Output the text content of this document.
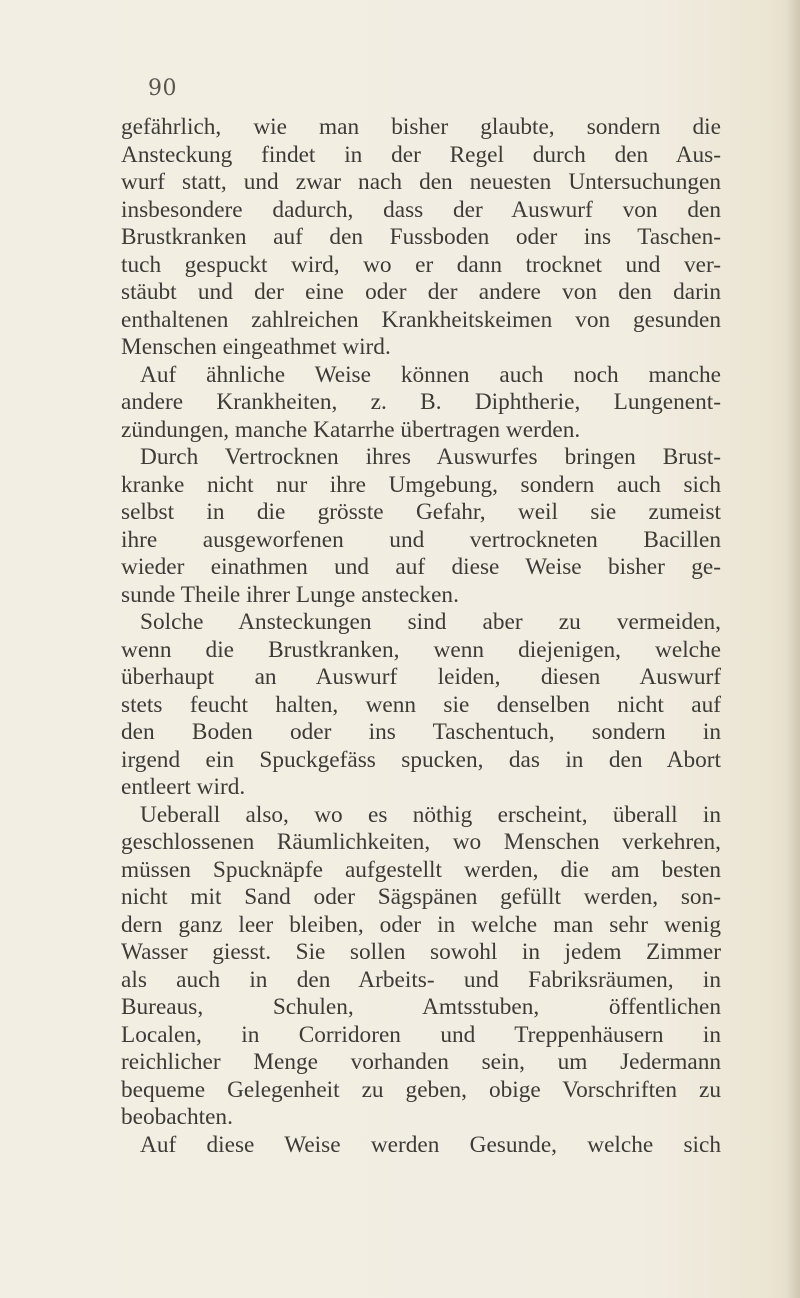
90
gefährlich, wie man bisher glaubte, sondern die
Ansteckung findet in der Regel durch den Aus-
wurf statt, und zwar nach den neuesten Untersuchungen
insbesondere dadurch, dass der Auswurf von den
Brustkranken auf den Fussboden oder ins Taschen-
tuch gespuckt wird, wo er dann trocknet und ver-
stäubt und der eine oder der andere von den darin
enthaltenen zahlreichen Krankheitskeimen von gesunden
Menschen eingeathmet wird.
Auf ähnliche Weise können auch noch manche
andere Krankheiten, z. B. Diphtherie, Lungenent-
zündungen, manche Katarrhe übertragen werden.
Durch Vertrocknen ihres Auswurfes bringen Brust-
kranke nicht nur ihre Umgebung, sondern auch sich
selbst in die grösste Gefahr, weil sie zumeist
ihre ausgeworfenen und vertrockneten Bacillen
wieder einathmen und auf diese Weise bisher ge-
sunde Theile ihrer Lunge anstecken.
Solche Ansteckungen sind aber zu vermeiden,
wenn die Brustkranken, wenn diejenigen, welche
überhaupt an Auswurf leiden, diesen Auswurf
stets feucht halten, wenn sie denselben nicht auf
den Boden oder ins Taschentuch, sondern in
irgend ein Spuckgefäss spucken, das in den Abort
entleert wird.
Ueberall also, wo es nöthig erscheint, überall in
geschlossenen Räumlichkeiten, wo Menschen verkehren,
müssen Spucknäpfe aufgestellt werden, die am besten
nicht mit Sand oder Sägspänen gefüllt werden, son-
dern ganz leer bleiben, oder in welche man sehr wenig
Wasser giesst. Sie sollen sowohl in jedem Zimmer
als auch in den Arbeits- und Fabriksräumen, in
Bureaus, Schulen, Amtsstuben, öffentlichen
Localen, in Corridoren und Treppenhäusern in
reichlicher Menge vorhanden sein, um Jedermann
bequeme Gelegenheit zu geben, obige Vorschriften zu
beobachten.
Auf diese Weise werden Gesunde, welche sich
